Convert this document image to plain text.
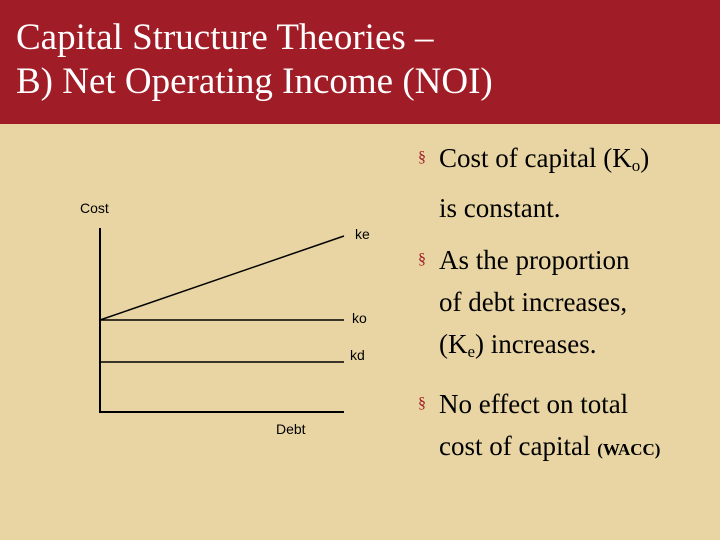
Capital Structure Theories –
B) Net Operating Income (NOI)
Cost
ke
ko
kd
Debt
§ Cost of capital $(K_o)$
is constant.
§ As the proportion
of debt increases,
$(K_e)$ increases.
§ No effect on total
cost of capital (WACC)
